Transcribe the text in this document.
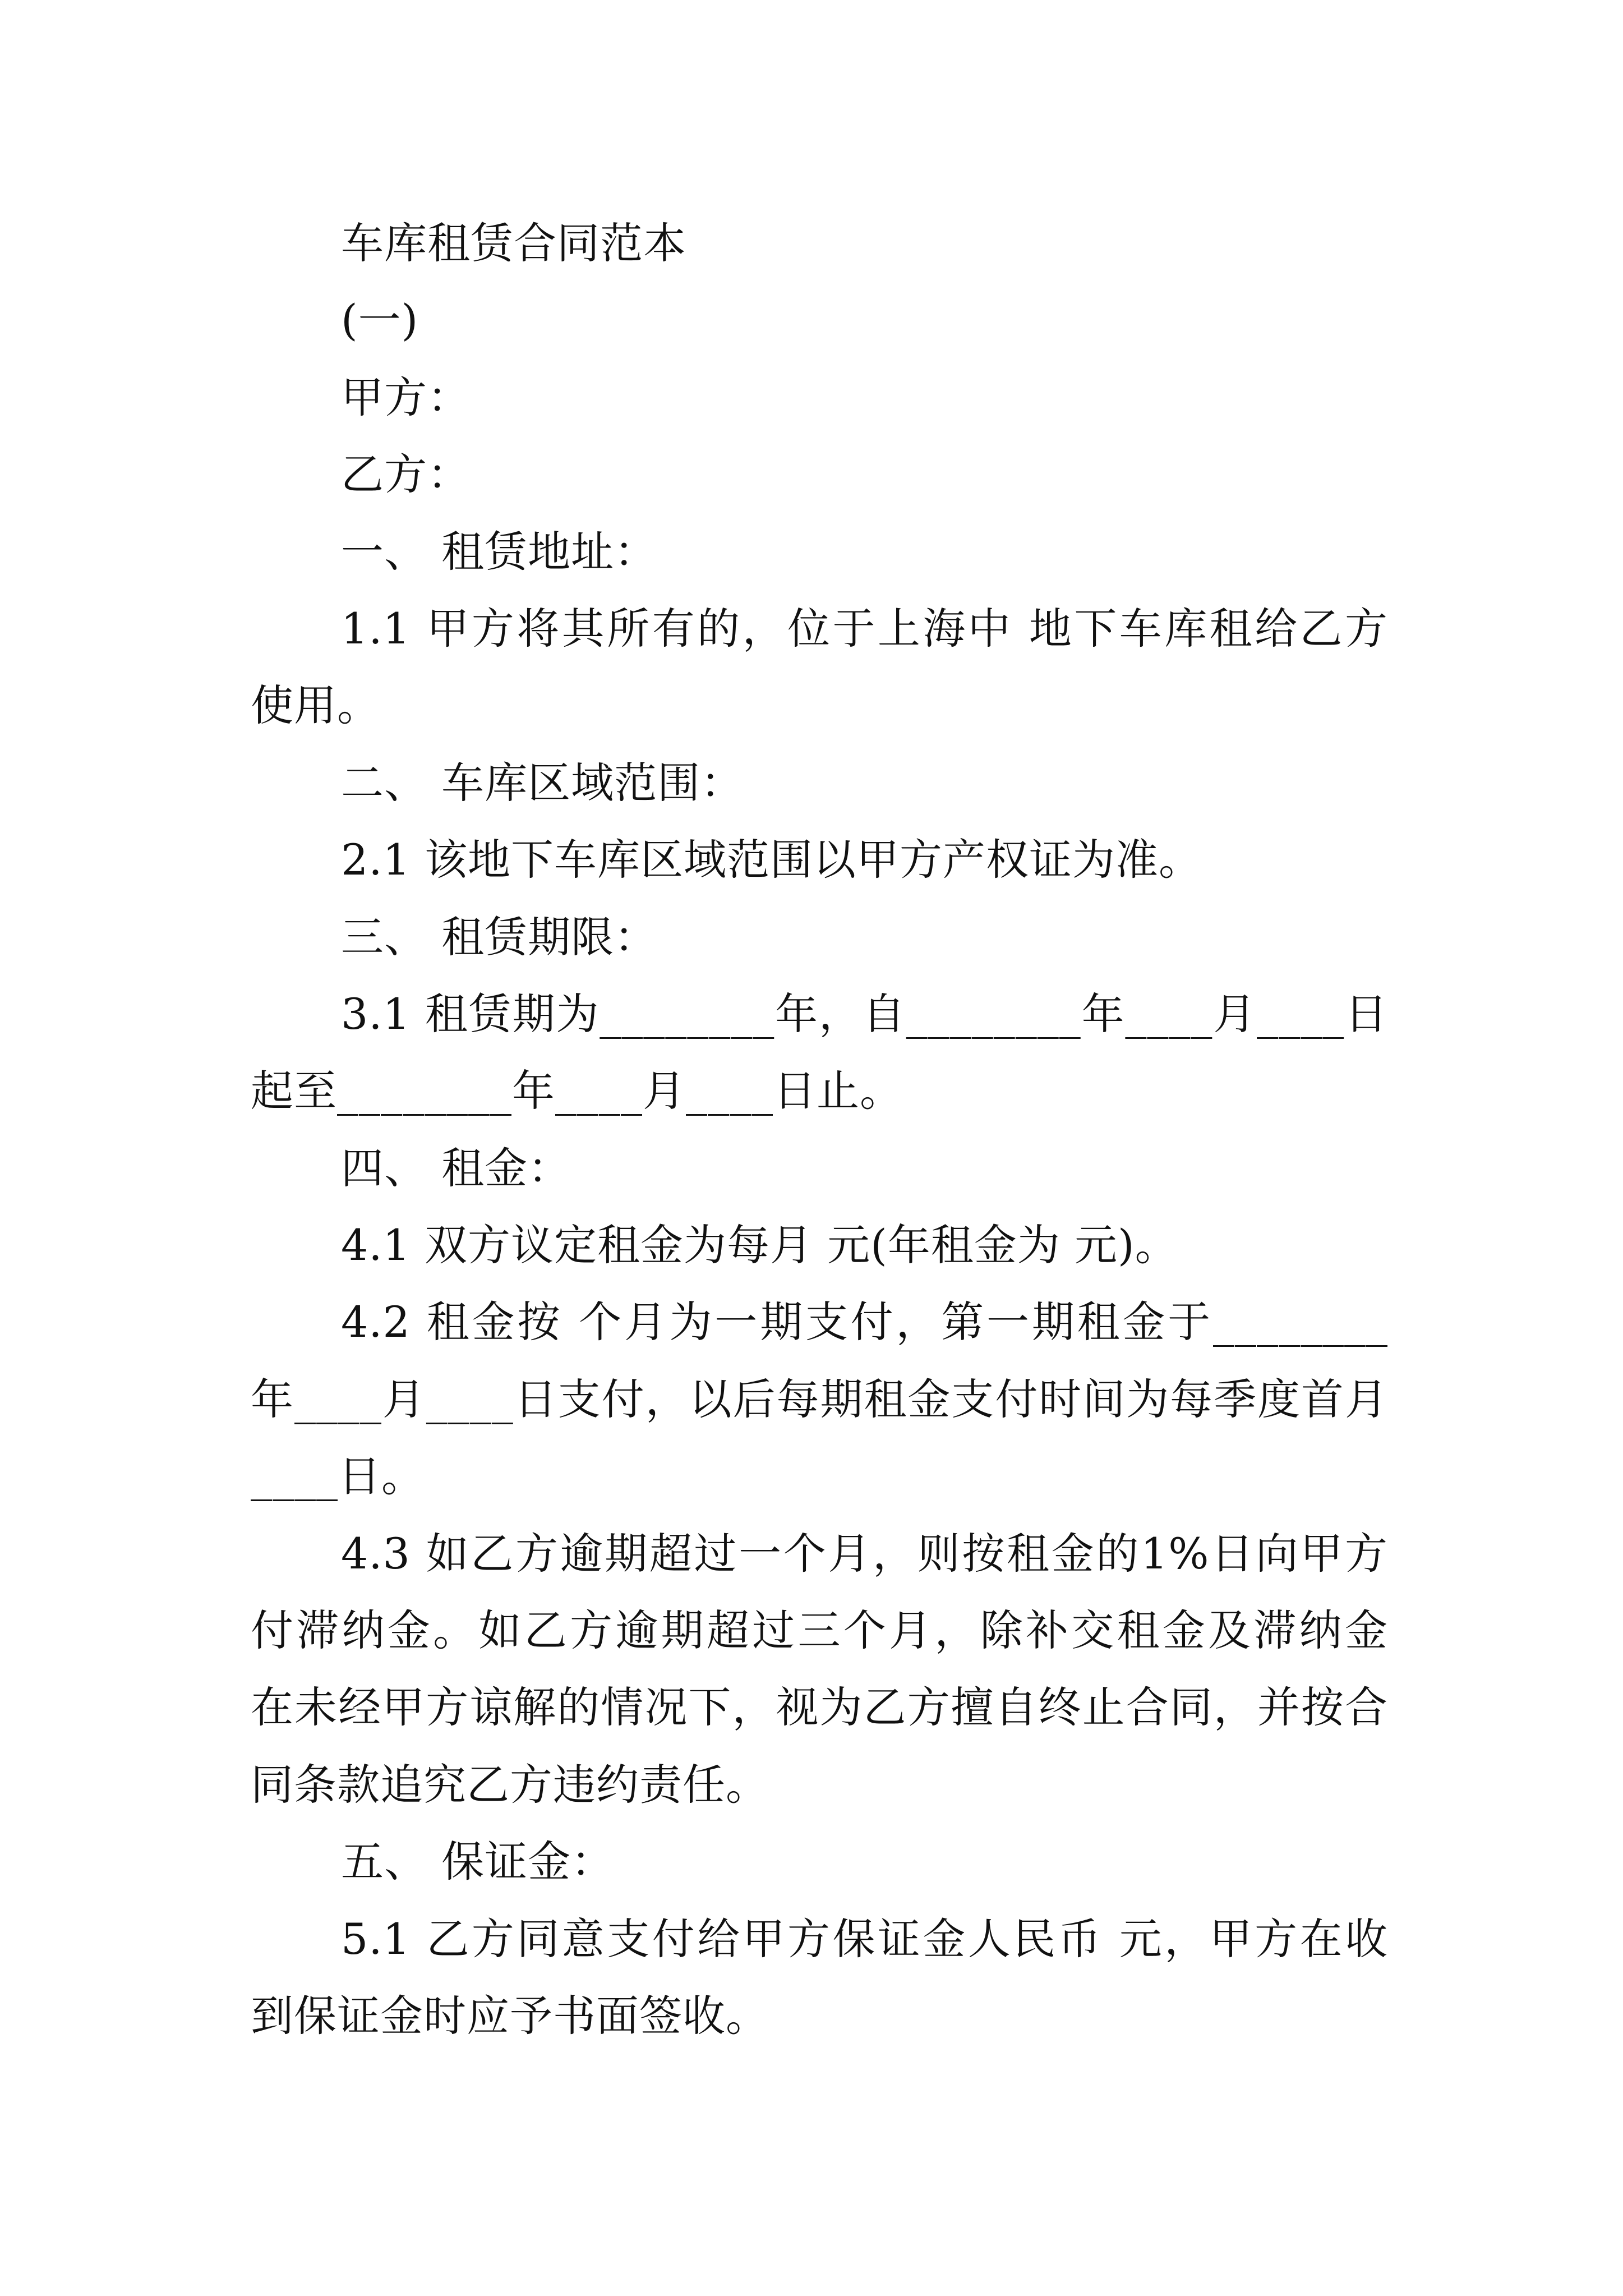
车库租赁合同范本
(一)
甲方：
乙方：
一、 租赁地址：
1.1 甲方将其所有的，位于上海中 地下车库租给乙方
使用。
二、 车库区域范围：
2.1 该地下车库区域范围以甲方产权证为准。
三、 租赁期限：
3.1 租赁期为________年，自________年____月____日
起至________年____月____日止。
四、 租金：
4.1 双方议定租金为每月 元(年租金为 元)。
4.2 租金按 个月为一期支付，第一期租金于________
年____月____日支付，以后每期租金支付时间为每季度首月
____日。
4.3 如乙方逾期超过一个月，则按租金的1%日向甲方
付滞纳金。如乙方逾期超过三个月，除补交租金及滞纳金
在未经甲方谅解的情况下，视为乙方擅自终止合同，并按合
同条款追究乙方违约责任。
五、 保证金：
5.1 乙方同意支付给甲方保证金人民币 元，甲方在收
到保证金时应予书面签收。
